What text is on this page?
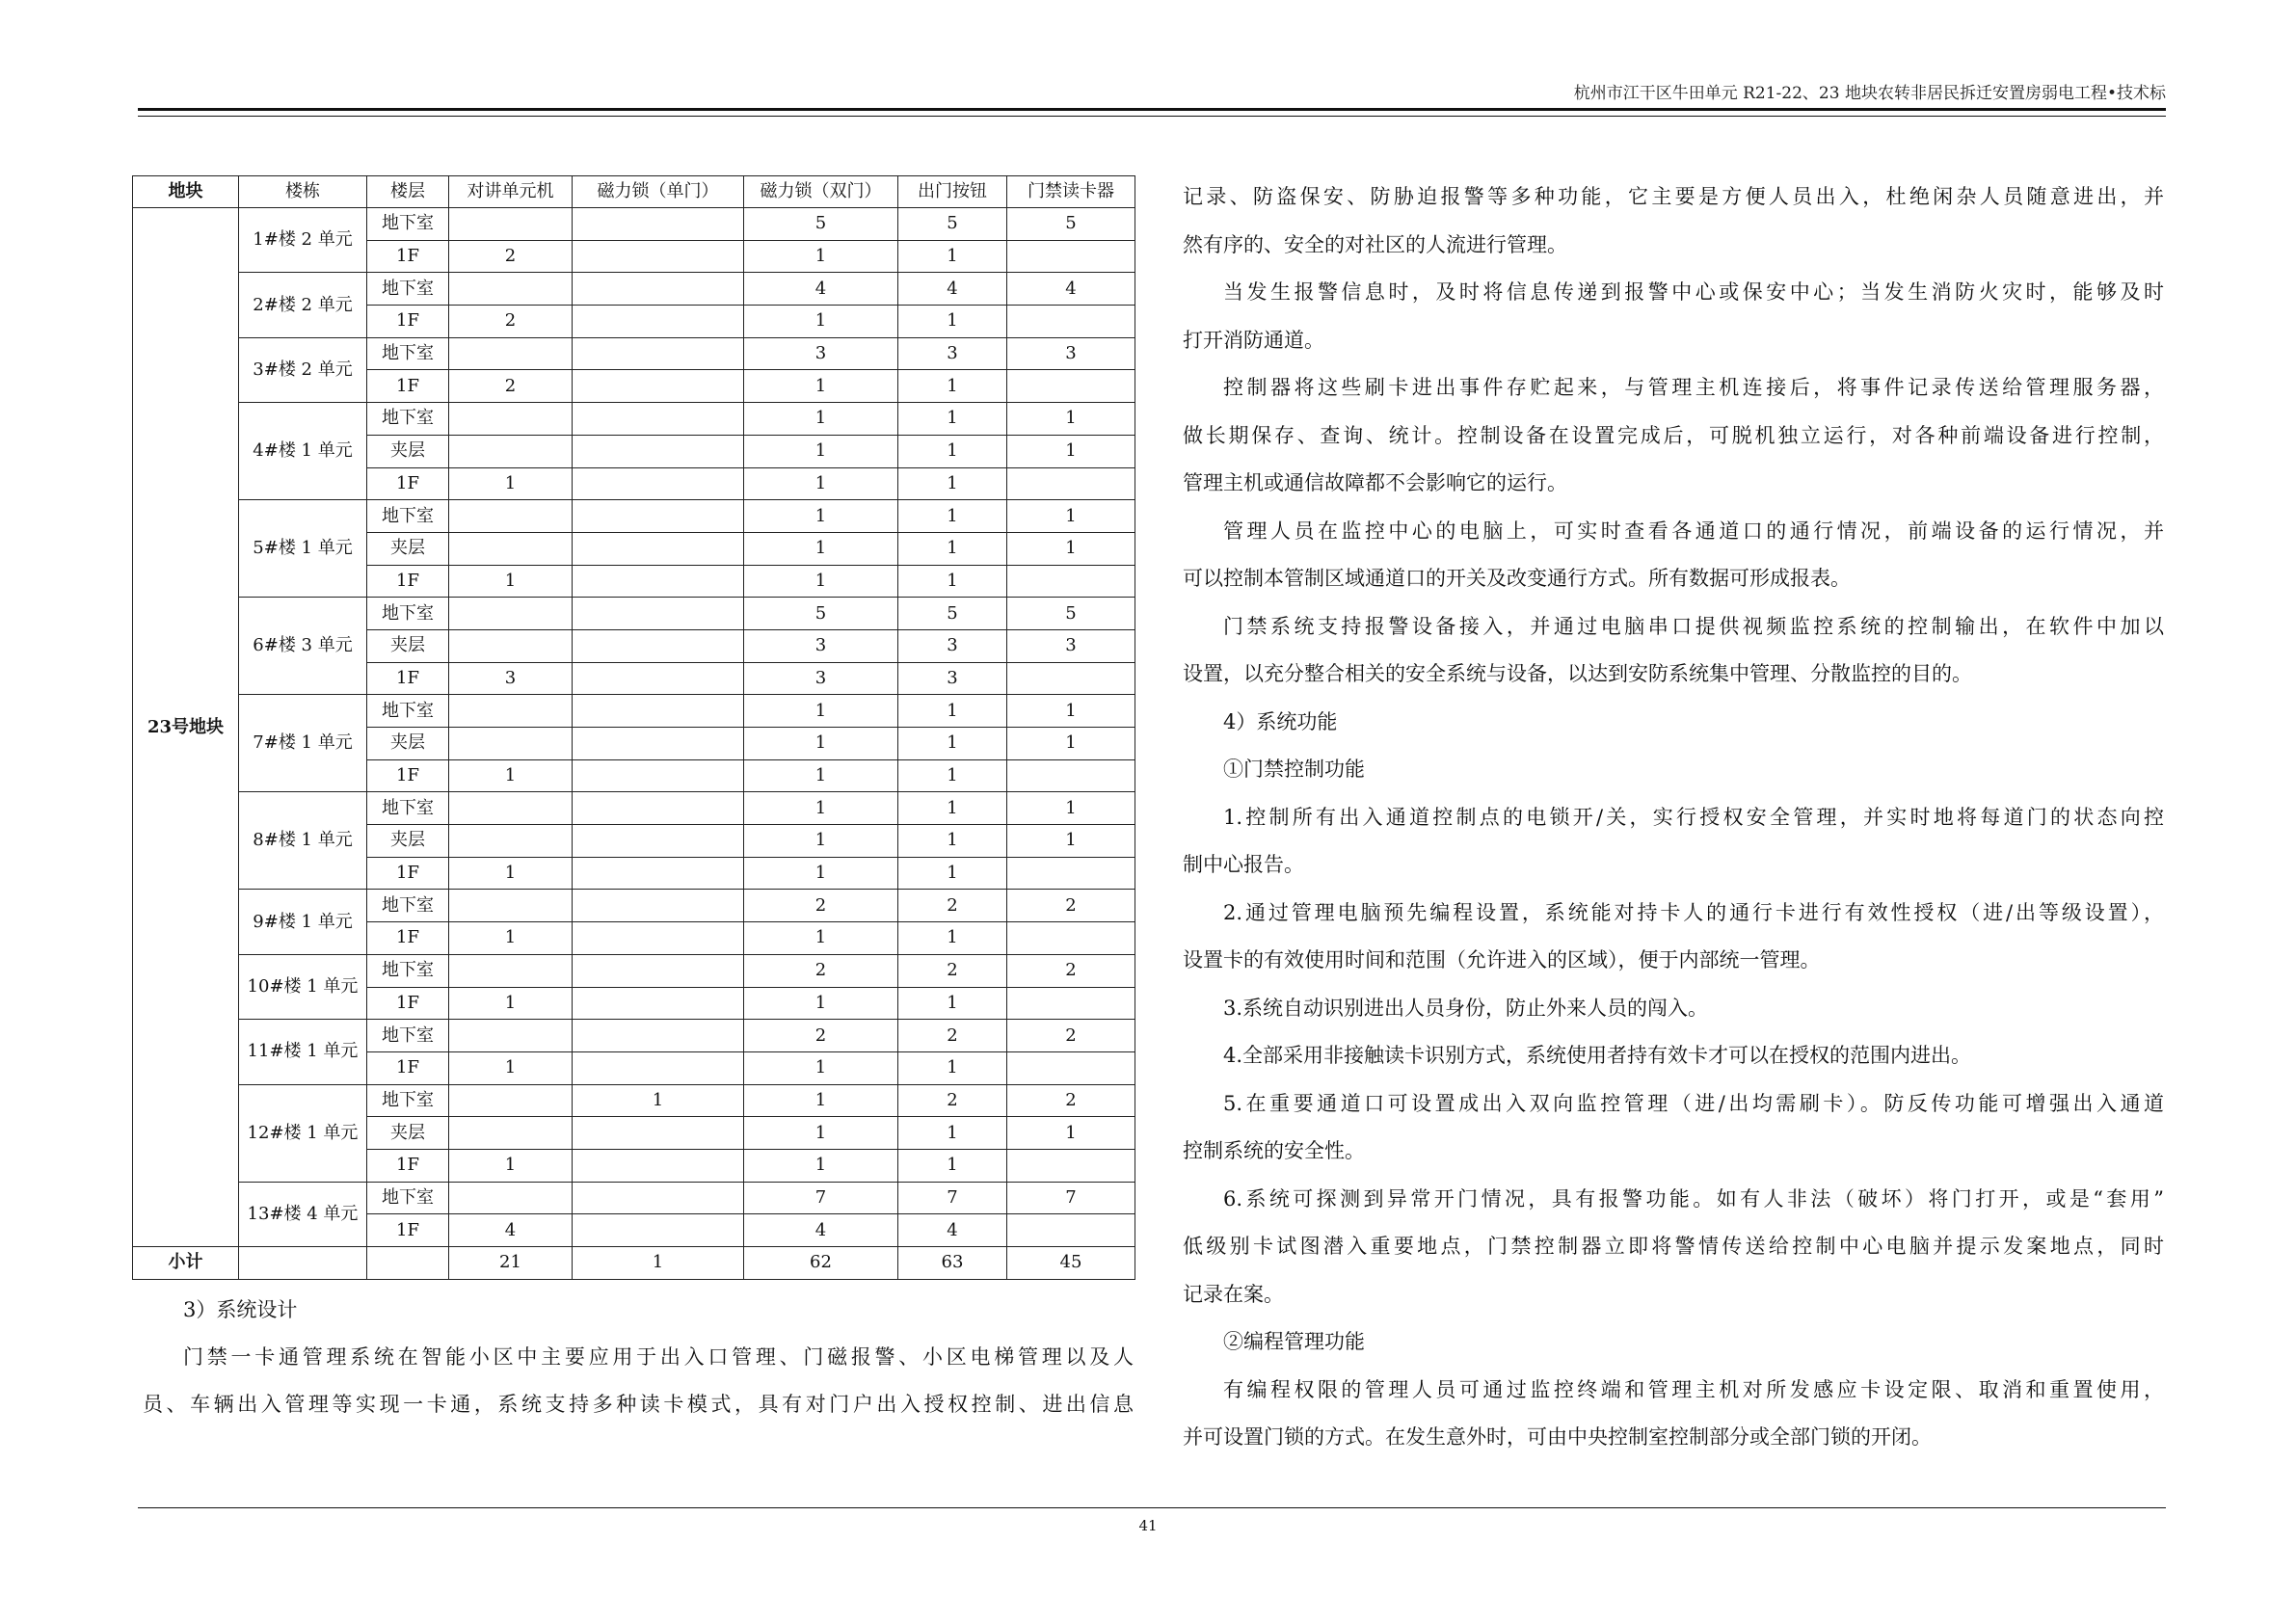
杭州市江干区牛田单元 R21-22、23 地块农转非居民拆迁安置房弱电工程•技术标
地块	楼栋	楼层	对讲单元机	磁力锁（单门）	磁力锁（双门）	出门按钮	门禁读卡器
23号地块	1#楼 2 单元	地下室			5	5	5
		1F	2		1	1	
	2#楼 2 单元	地下室			4	4	4
		1F	2		1	1	
	3#楼 2 单元	地下室			3	3	3
		1F	2		1	1	
	4#楼 1 单元	地下室			1	1	1
		夹层			1	1	1
		1F	1		1	1	
	5#楼 1 单元	地下室			1	1	1
		夹层			1	1	1
		1F	1		1	1	
	6#楼 3 单元	地下室			5	5	5
		夹层			3	3	3
		1F	3		3	3	
	7#楼 1 单元	地下室			1	1	1
		夹层			1	1	1
		1F	1		1	1	
	8#楼 1 单元	地下室			1	1	1
		夹层			1	1	1
		1F	1		1	1	
	9#楼 1 单元	地下室			2	2	2
		1F	1		1	1	
	10#楼 1 单元	地下室			2	2	2
		1F	1		1	1	
	11#楼 1 单元	地下室			2	2	2
		1F	1		1	1	
	12#楼 1 单元	地下室		1	1	2	2
		夹层			1	1	1
		1F	1		1	1	
	13#楼 4 单元	地下室			7	7	7
		1F	4		4	4	
小计			21	1	62	63	45

3）系统设计

门禁一卡通管理系统在智能小区中主要应用于出入口管理、门磁报警、小区电梯管理以及人

员、车辆出入管理等实现一卡通，系统支持多种读卡模式，具有对门户出入授权控制、进出信息

记录、防盗保安、防胁迫报警等多种功能，它主要是方便人员出入，杜绝闲杂人员随意进出，并

然有序的、安全的对社区的人流进行管理。

当发生报警信息时，及时将信息传递到报警中心或保安中心；当发生消防火灾时，能够及时

打开消防通道。

控制器将这些刷卡进出事件存贮起来，与管理主机连接后，将事件记录传送给管理服务器，

做长期保存、查询、统计。控制设备在设置完成后，可脱机独立运行，对各种前端设备进行控制，

管理主机或通信故障都不会影响它的运行。

管理人员在监控中心的电脑上，可实时查看各通道口的通行情况，前端设备的运行情况，并

可以控制本管制区域通道口的开关及改变通行方式。所有数据可形成报表。

门禁系统支持报警设备接入，并通过电脑串口提供视频监控系统的控制输出，在软件中加以

设置，以充分整合相关的安全系统与设备，以达到安防系统集中管理、分散监控的目的。

4）系统功能

①门禁控制功能

1.控制所有出入通道控制点的电锁开/关，实行授权安全管理，并实时地将每道门的状态向控

制中心报告。

2.通过管理电脑预先编程设置，系统能对持卡人的通行卡进行有效性授权（进/出等级设置），

设置卡的有效使用时间和范围（允许进入的区域），便于内部统一管理。

3.系统自动识别进出人员身份，防止外来人员的闯入。

4.全部采用非接触读卡识别方式，系统使用者持有效卡才可以在授权的范围内进出。

5.在重要通道口可设置成出入双向监控管理（进/出均需刷卡）。防反传功能可增强出入通道

控制系统的安全性。

6.系统可探测到异常开门情况，具有报警功能。如有人非法（破坏）将门打开，或是“套用”

低级别卡试图潜入重要地点，门禁控制器立即将警情传送给控制中心电脑并提示发案地点，同时

记录在案。

②编程管理功能

有编程权限的管理人员可通过监控终端和管理主机对所发感应卡设定限、取消和重置使用，

并可设置门锁的方式。在发生意外时，可由中央控制室控制部分或全部门锁的开闭。

41
